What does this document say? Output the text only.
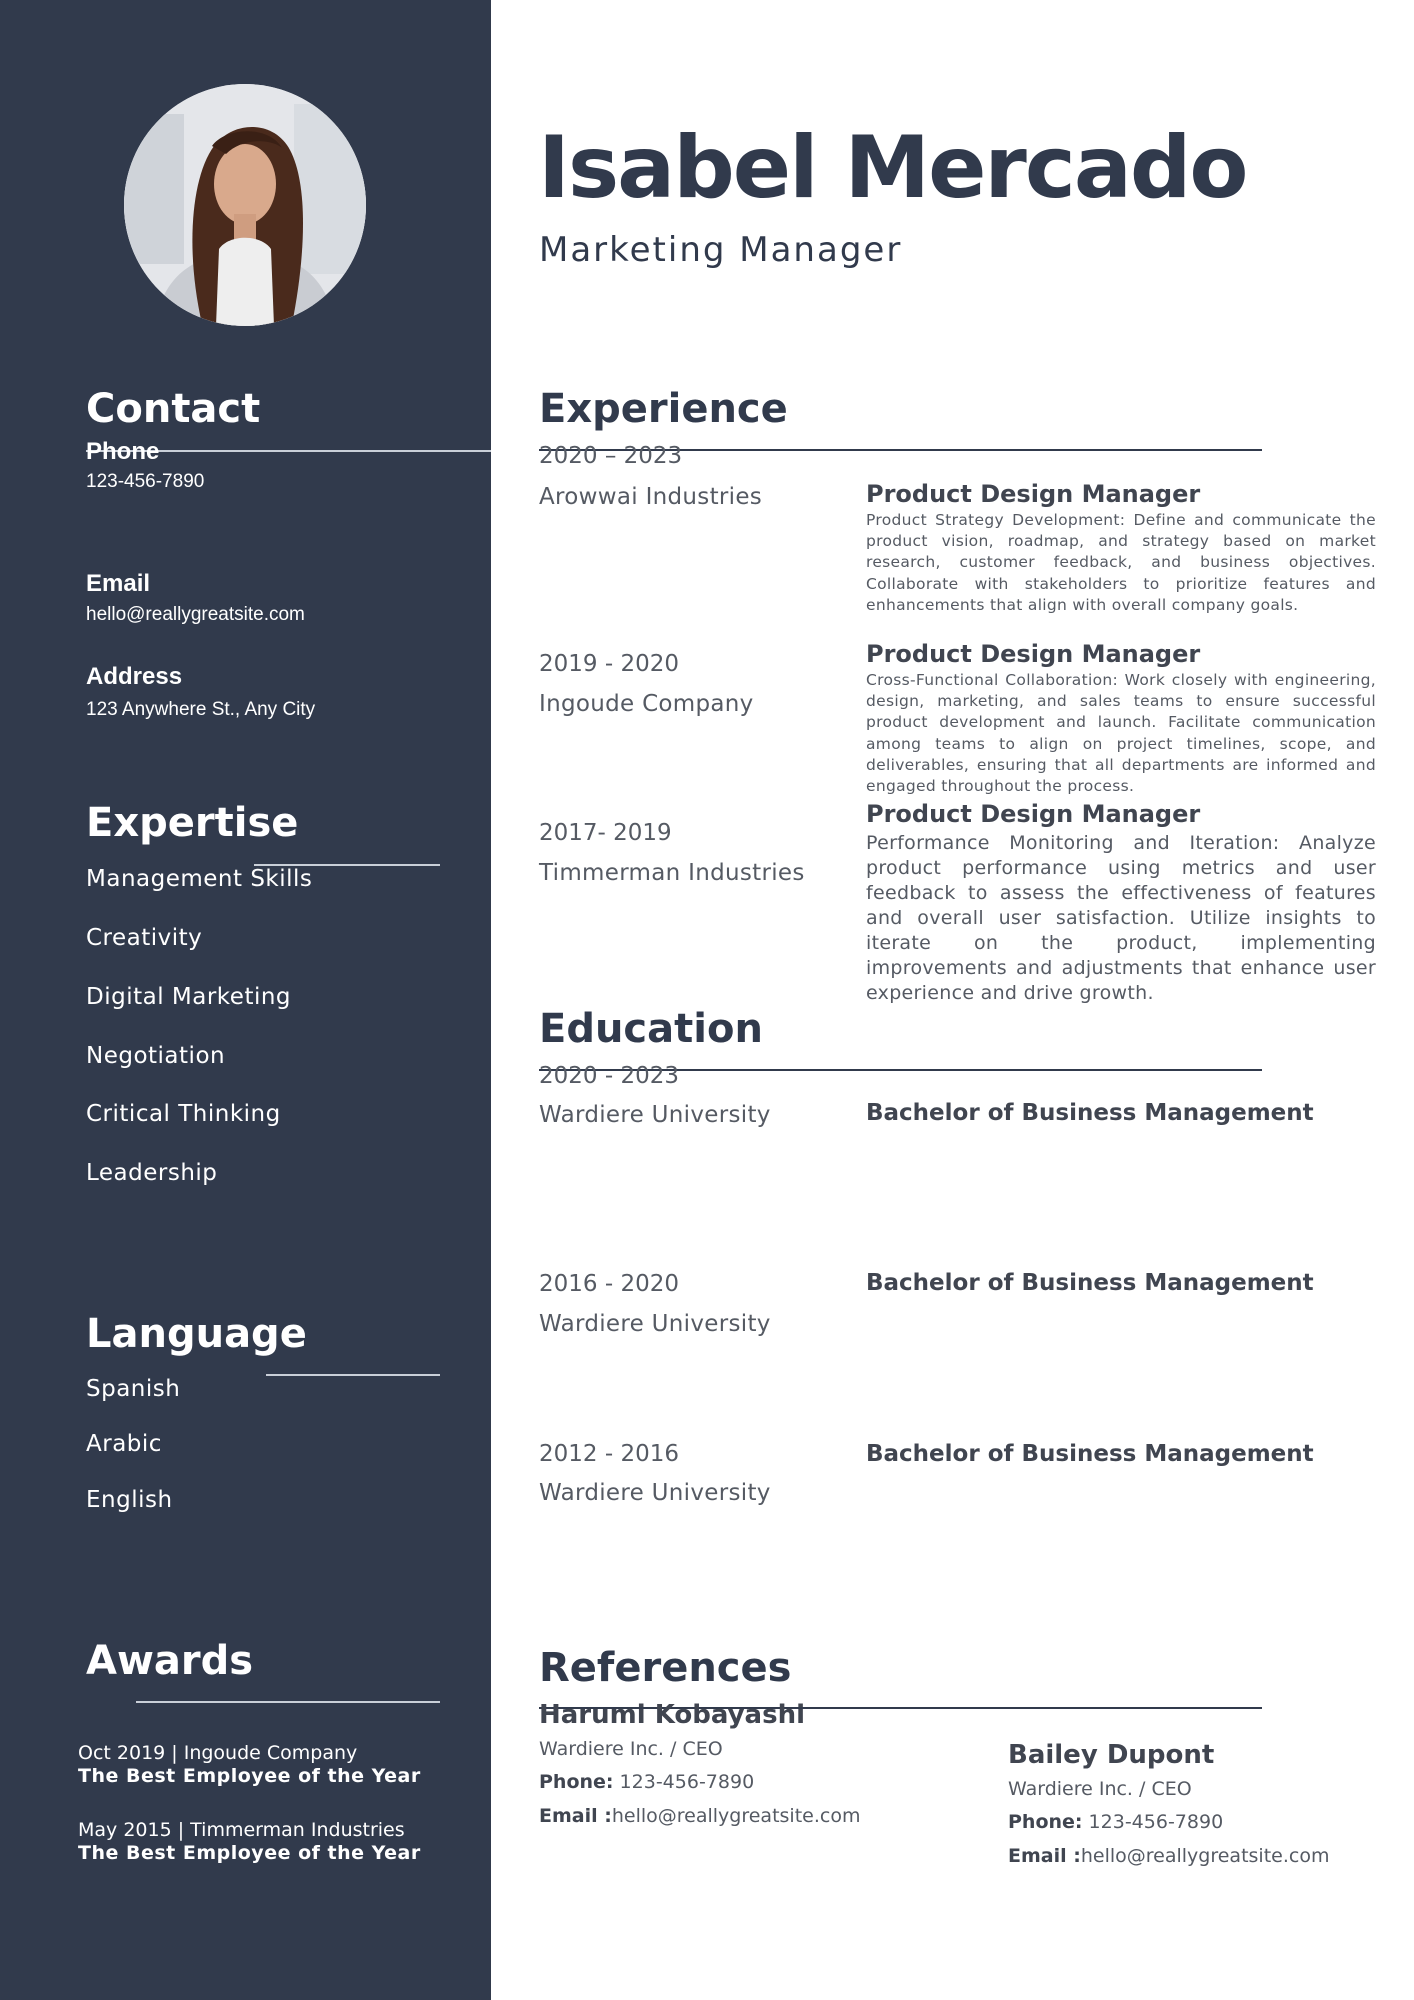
Contact
Phone
123-456-7890
Email
hello@reallygreatsite.com
Address
123 Anywhere St., Any City
Expertise
Management Skills
Creativity
Digital Marketing
Negotiation
Critical Thinking
Leadership
Language
Spanish
Arabic
English
Awards
Oct 2019 | Ingoude Company
The Best Employee of the Year
May 2015 | Timmerman Industries
The Best Employee of the Year
Isabel Mercado
Marketing Manager
Experience
2020 – 2023
Arowwai Industries	Product Design Manager
Product Strategy Development: Define and communicate the product vision, roadmap, and strategy based on market research, customer feedback, and business objectives. Collaborate with stakeholders to prioritize features and enhancements that align with overall company goals.
2019 - 2020
Ingoude Company
Product Design Manager
Cross-Functional Collaboration: Work closely with engineering, design, marketing, and sales teams to ensure successful product development and launch. Facilitate communication among teams to align on project timelines, scope, and deliverables, ensuring that all departments are informed and engaged throughout the process.
2017- 2019
Timmerman Industries
Product Design Manager
Performance Monitoring and Iteration: Analyze product performance using metrics and user feedback to assess the effectiveness of features and overall user satisfaction. Utilize insights to iterate on the product, implementing improvements and adjustments that enhance user experience and drive growth.
Education
2020 - 2023
Wardiere University	Bachelor of Business Management
2016 - 2020
Wardiere University
Bachelor of Business Management
2012 - 2016
Wardiere University
Bachelor of Business Management
References
Harumi Kobayashi
Wardiere Inc. / CEO
Phone: 123-456-7890
Email :hello@reallygreatsite.com
Bailey Dupont
Wardiere Inc. / CEO
Phone: 123-456-7890
Email :hello@reallygreatsite.com
